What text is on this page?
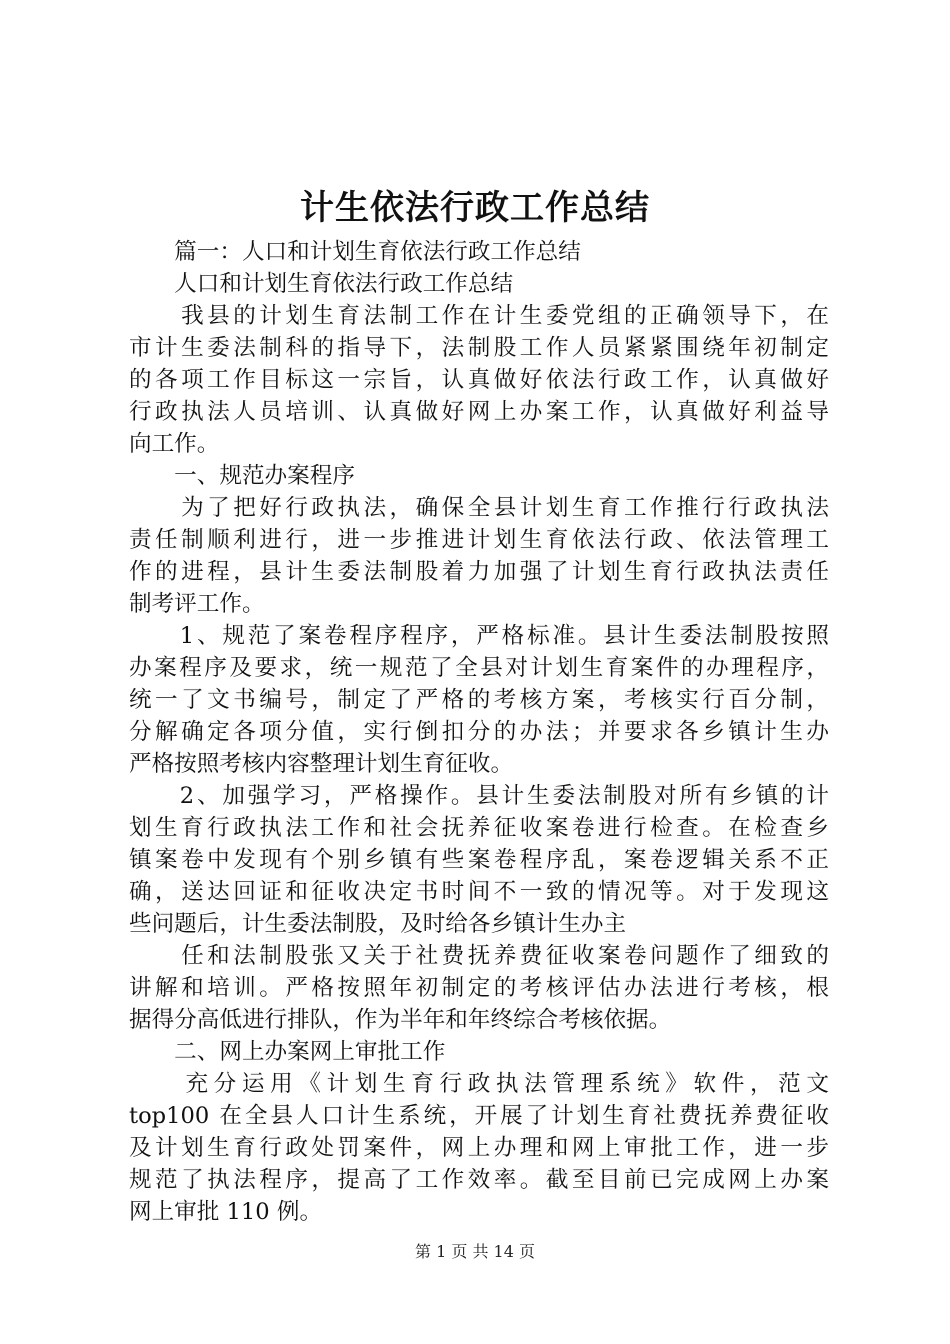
计生依法行政工作总结
　　篇一：人口和计划生育依法行政工作总结
　　人口和计划生育依法行政工作总结
　　我县的计划生育法制工作在计生委党组的正确领导下，在
市计生委法制科的指导下，法制股工作人员紧紧围绕年初制定
的各项工作目标这一宗旨，认真做好依法行政工作，认真做好
行政执法人员培训、认真做好网上办案工作，认真做好利益导
向工作。
　　一、规范办案程序
　　为了把好行政执法，确保全县计划生育工作推行行政执法
责任制顺利进行，进一步推进计划生育依法行政、依法管理工
作的进程，县计生委法制股着力加强了计划生育行政执法责任
制考评工作。
　　1、规范了案卷程序程序，严格标准。县计生委法制股按照
办案程序及要求，统一规范了全县对计划生育案件的办理程序，
统一了文书编号，制定了严格的考核方案，考核实行百分制，
分解确定各项分值，实行倒扣分的办法；并要求各乡镇计生办
严格按照考核内容整理计划生育征收。
　　2、加强学习，严格操作。县计生委法制股对所有乡镇的计
划生育行政执法工作和社会抚养征收案卷进行检查。在检查乡
镇案卷中发现有个别乡镇有些案卷程序乱，案卷逻辑关系不正
确，送达回证和征收决定书时间不一致的情况等。对于发现这
些问题后，计生委法制股，及时给各乡镇计生办主
　　任和法制股张又关于社费抚养费征收案卷问题作了细致的
讲解和培训。严格按照年初制定的考核评估办法进行考核，根
据得分高低进行排队，作为半年和年终综合考核依据。
　　二、网上办案网上审批工作
　　充分运用《计划生育行政执法管理系统》软件，范文
top100 在全县人口计生系统，开展了计划生育社费抚养费征收
及计划生育行政处罚案件，网上办理和网上审批工作，进一步
规范了执法程序，提高了工作效率。截至目前已完成网上办案
网上审批 110 例。
第 1 页 共 14 页
